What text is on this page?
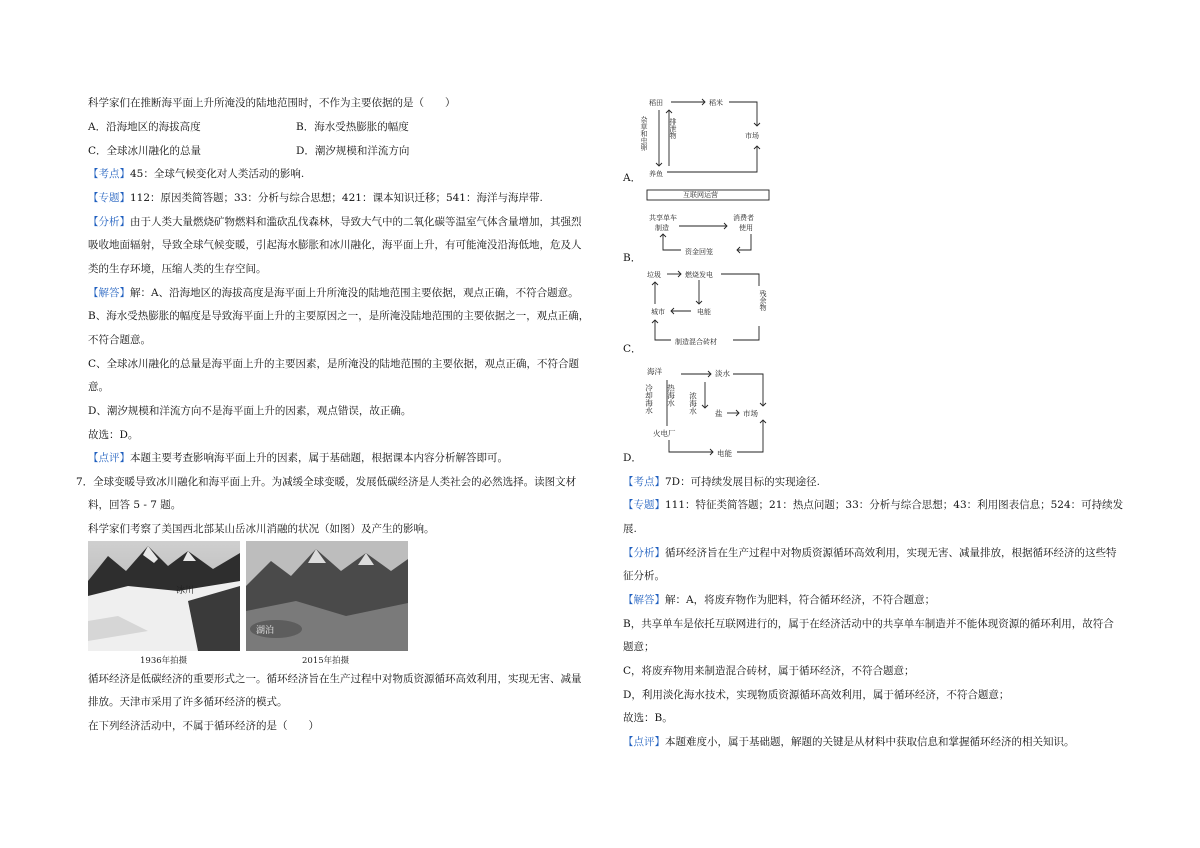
科学家们在推断海平面上升所淹没的陆地范围时，不作为主要依据的是（　　）
A．沿海地区的海拔高度	B．海水受热膨胀的幅度
C．全球冰川融化的总量	D．潮汐规模和洋流方向
【考点】45：全球气候变化对人类活动的影响.
【专题】112：原因类简答题；33：分析与综合思想；421：课本知识迁移；541：海洋与海岸带.
【分析】由于人类大量燃烧矿物燃料和滥砍乱伐森林，导致大气中的二氧化碳等温室气体含量增加，其强烈
吸收地面辐射，导致全球气候变暖，引起海水膨胀和冰川融化，海平面上升，有可能淹没沿海低地，危及人
类的生存环境，压缩人类的生存空间。
【解答】解：A、沿海地区的海拔高度是海平面上升所淹没的陆地范围主要依据，观点正确，不符合题意。
B、海水受热膨胀的幅度是导致海平面上升的主要原因之一，是所淹没陆地范围的主要依据之一，观点正确，
不符合题意。
C、全球冰川融化的总量是海平面上升的主要因素，是所淹没的陆地范围的主要依据，观点正确，不符合题
意。
D、潮汐规模和洋流方向不是海平面上升的因素，观点错误，故正确。
故选：D。
【点评】本题主要考查影响海平面上升的因素，属于基础题，根据课本内容分析解答即可。
7．全球变暖导致冰川融化和海平面上升。为减缓全球变暖，发展低碳经济是人类社会的必然选择。读图文材
料，回答 5 - 7 题。
科学家们考察了美国西北部某山岳冰川消融的状况（如图）及产生的影响。
冰川
湖泊
1936年拍摄	2015年拍摄
循环经济是低碳经济的重要形式之一。循环经济旨在生产过程中对物质资源循环高效利用，实现无害、减量
排放。天津市采用了许多循环经济的模式。
在下列经济活动中，不属于循环经济的是（　　）
A．
稻田	稻米
市场
养鱼
杂草和虫卵	排泄物
B．
互联网运营
共享单车
制造
消费者
使用
资金回笼
C．
垃圾	燃烧发电
城市	电能
残余物
制造混合砖材
D．
海洋
冷却海水 热海水
淡水
浓海水 盐	市场
火电厂
电能
【考点】7D：可持续发展目标的实现途径.
【专题】111：特征类简答题；21：热点问题；33：分析与综合思想；43：利用图表信息；524：可持续发
展.
【分析】循环经济旨在生产过程中对物质资源循环高效利用，实现无害、减量排放，根据循环经济的这些特
征分析。
【解答】解：A，将废弃物作为肥料，符合循环经济，不符合题意；
B，共享单车是依托互联网进行的，属于在经济活动中的共享单车制造并不能体现资源的循环利用，故符合
题意；
C，将废弃物用来制造混合砖材，属于循环经济，不符合题意；
D，利用淡化海水技术，实现物质资源循环高效利用，属于循环经济，不符合题意；
故选：B。
【点评】本题难度小，属于基础题，解题的关键是从材料中获取信息和掌握循环经济的相关知识。
